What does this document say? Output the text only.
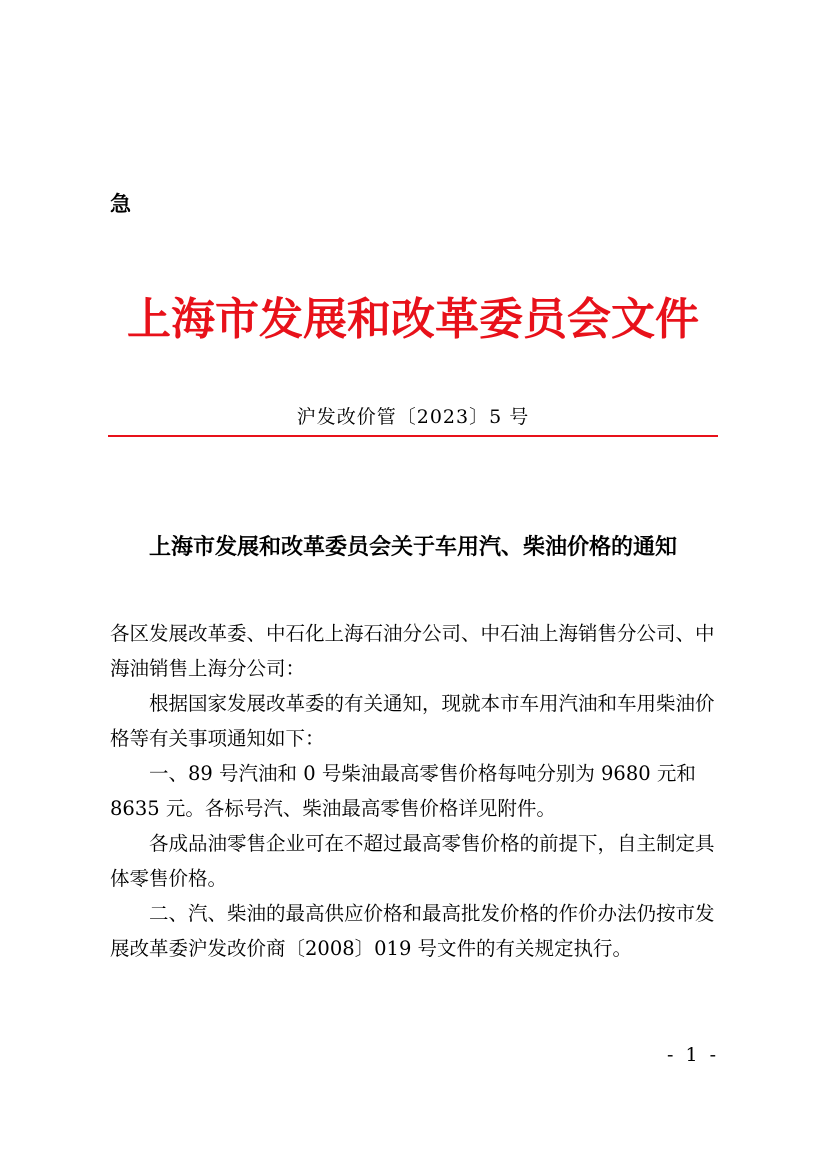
急
上海市发展和改革委员会文件
沪发改价管〔2023〕5 号
上海市发展和改革委员会关于车用汽、柴油价格的通知

各区发展改革委、中石化上海石油分公司、中石油上海销售分公司、中海油销售上海分公司：

根据国家发展改革委的有关通知，现就本市车用汽油和车用柴油价格等有关事项通知如下：

一、89 号汽油和 0 号柴油最高零售价格每吨分别为 9680 元和 8635 元。各标号汽、柴油最高零售价格详见附件。

各成品油零售企业可在不超过最高零售价格的前提下，自主制定具体零售价格。

二、汽、柴油的最高供应价格和最高批发价格的作价办法仍按市发展改革委沪发改价商〔2008〕019 号文件的有关规定执行。

- 1 -
